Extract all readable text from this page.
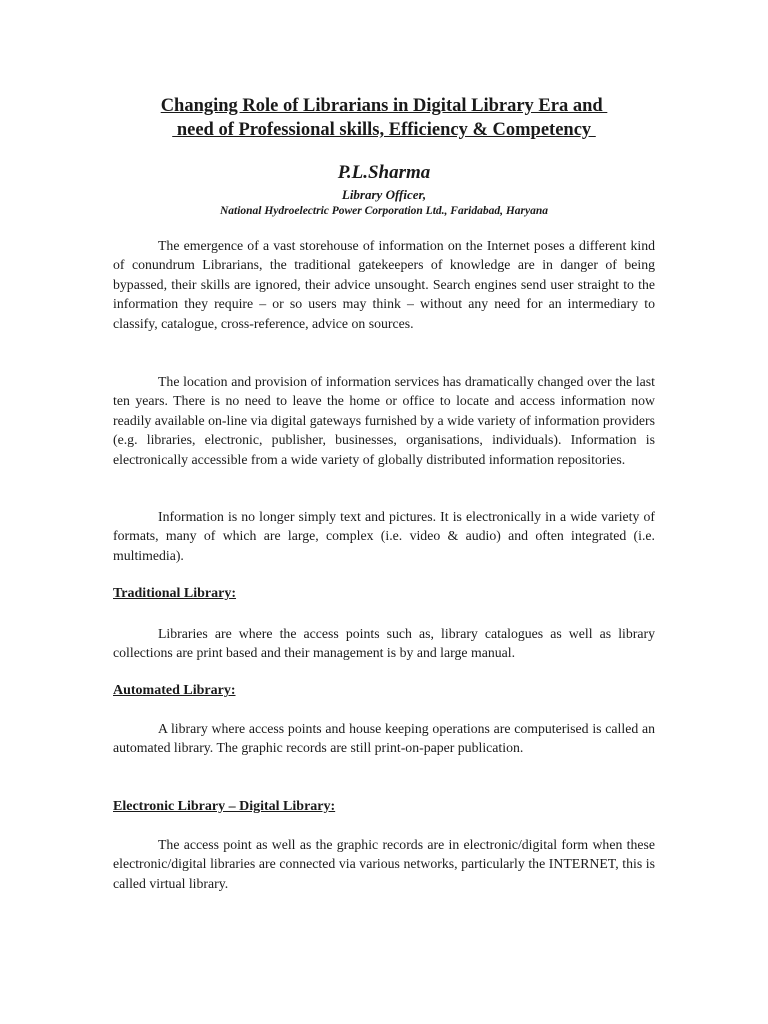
Changing Role of Librarians in Digital Library Era and
need of Professional skills, Efficiency & Competency
P.L.Sharma
Library Officer,
National Hydroelectric Power Corporation Ltd., Faridabad, Haryana

The emergence of a vast storehouse of information on the Internet poses a different kind of conundrum Librarians, the traditional gatekeepers of knowledge are in danger of being bypassed, their skills are ignored, their advice unsought. Search engines send user straight to the information they require – or so users may think – without any need for an intermediary to classify, catalogue, cross-reference, advice on sources.

The location and provision of information services has dramatically changed over the last ten years. There is no need to leave the home or office to locate and access information now readily available on-line via digital gateways furnished by a wide variety of information providers (e.g. libraries, electronic, publisher, businesses, organisations, individuals). Information is electronically accessible from a wide variety of globally distributed information repositories.

Information is no longer simply text and pictures. It is electronically in a wide variety of formats, many of which are large, complex (i.e. video & audio) and often integrated (i.e. multimedia).

Traditional Library:

Libraries are where the access points such as, library catalogues as well as library collections are print based and their management is by and large manual.

Automated Library:

A library where access points and house keeping operations are computerised is called an automated library. The graphic records are still print-on-paper publication.

Electronic Library – Digital Library:

The access point as well as the graphic records are in electronic/digital form when these electronic/digital libraries are connected via various networks, particularly the INTERNET, this is called virtual library.
